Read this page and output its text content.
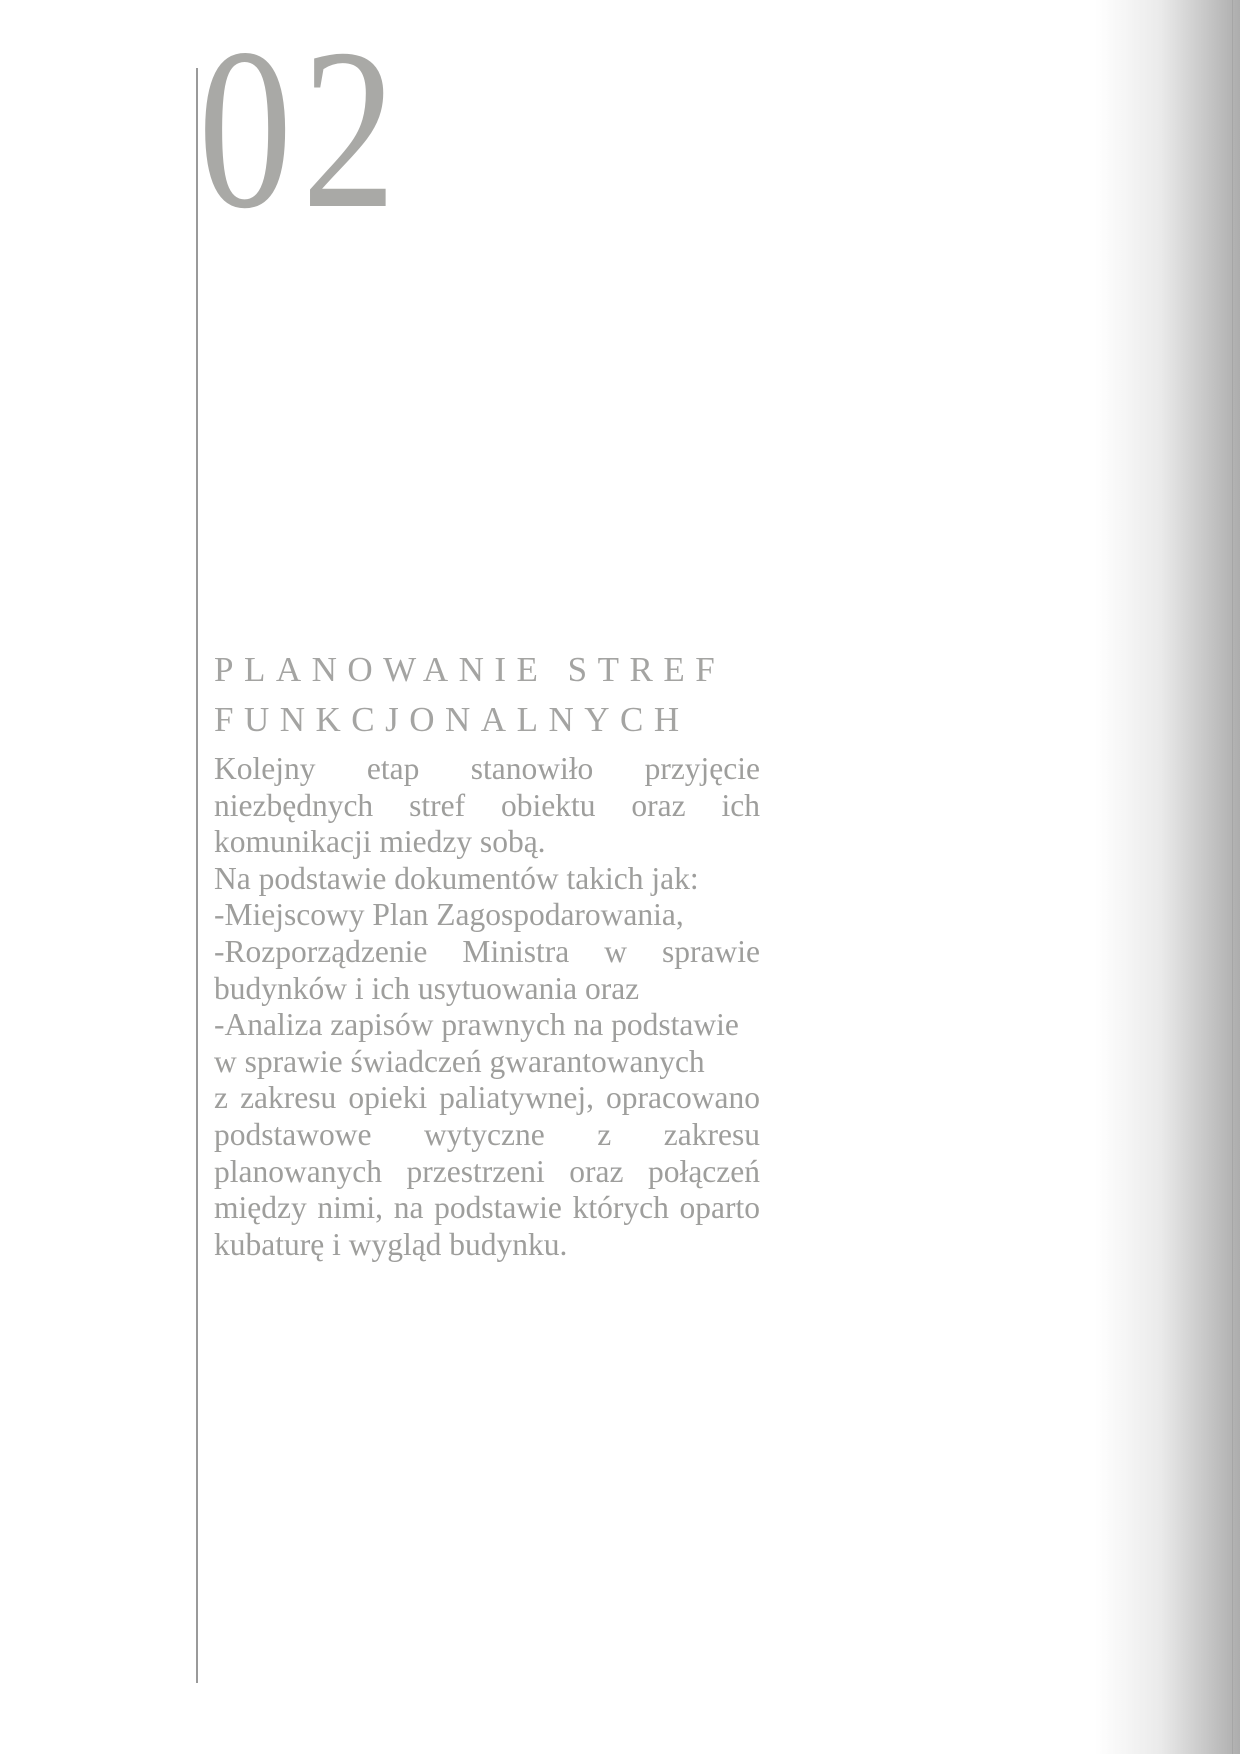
02
PLANOWANIE STREF
FUNKCJONALNYCH
Kolejny etap stanowiło przyjęcie
niezbędnych stref obiektu oraz ich
komunikacji miedzy sobą.
Na podstawie dokumentów takich jak:
-Miejscowy Plan Zagospodarowania,
-Rozporządzenie Ministra w sprawie
budynków i ich usytuowania oraz
-Analiza zapisów prawnych na podstawie
w sprawie świadczeń gwarantowanych
z zakresu opieki paliatywnej, opracowano
podstawowe wytyczne z zakresu
planowanych przestrzeni oraz połączeń
między nimi, na podstawie których oparto
kubaturę i wygląd budynku.
